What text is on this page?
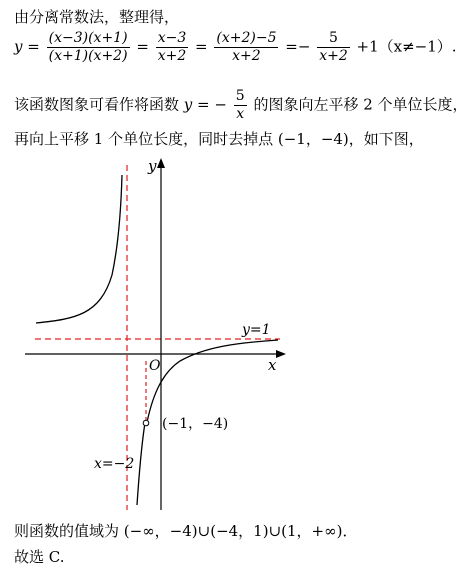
由分离常数法，整理得，
$y = \frac{(x-3)(x+1)}{(x+1)(x+2)} = \frac{x-3}{x+2} = \frac{(x+2)-5}{x+2} =- \frac{5}{x+2} +1(x\ne-1)$.
该函数图象可看作将函数 y = − $\frac{5}{x}$ 的图象向左平移 2 个单位长度，
再向上平移 1 个单位长度，同时去掉点 (−1，−4)，如下图，
y
x
O
y=1
x=−2
(−1，−4)
则函数的值域为 (−∞，−4)∪(−4，1)∪(1，+∞)．
故选 C.
